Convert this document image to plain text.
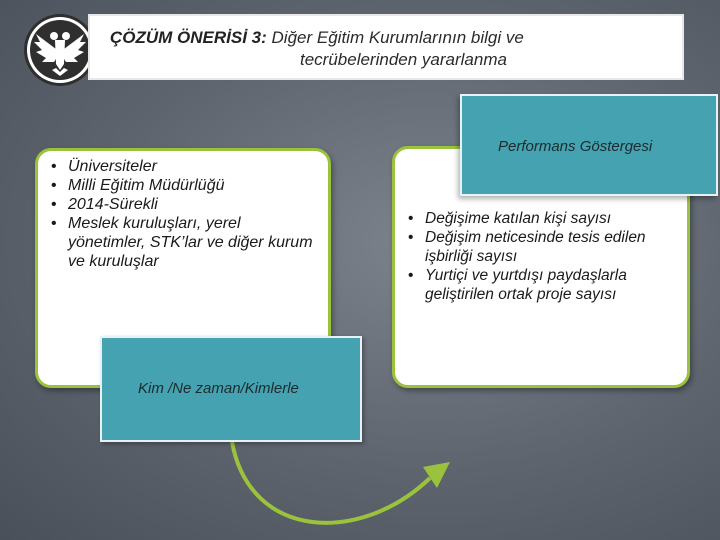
ÇÖZÜM ÖNERİSİ 3: Diğer Eğitim Kurumlarının bilgi ve
tecrübelerinden yararlanma
• Üniversiteler
• Milli Eğitim Müdürlüğü
• 2014-Sürekli
• Meslek kuruluşları, yerel yönetimler, STK’lar ve diğer kurum ve kuruluşlar
• Değişime katılan kişi sayısı
• Değişim neticesinde tesis edilen işbirliği sayısı
• Yurtiçi ve yurtdışı paydaşlarla geliştirilen ortak proje sayısı
Kim /Ne zaman/Kimlerle
Performans Göstergesi
